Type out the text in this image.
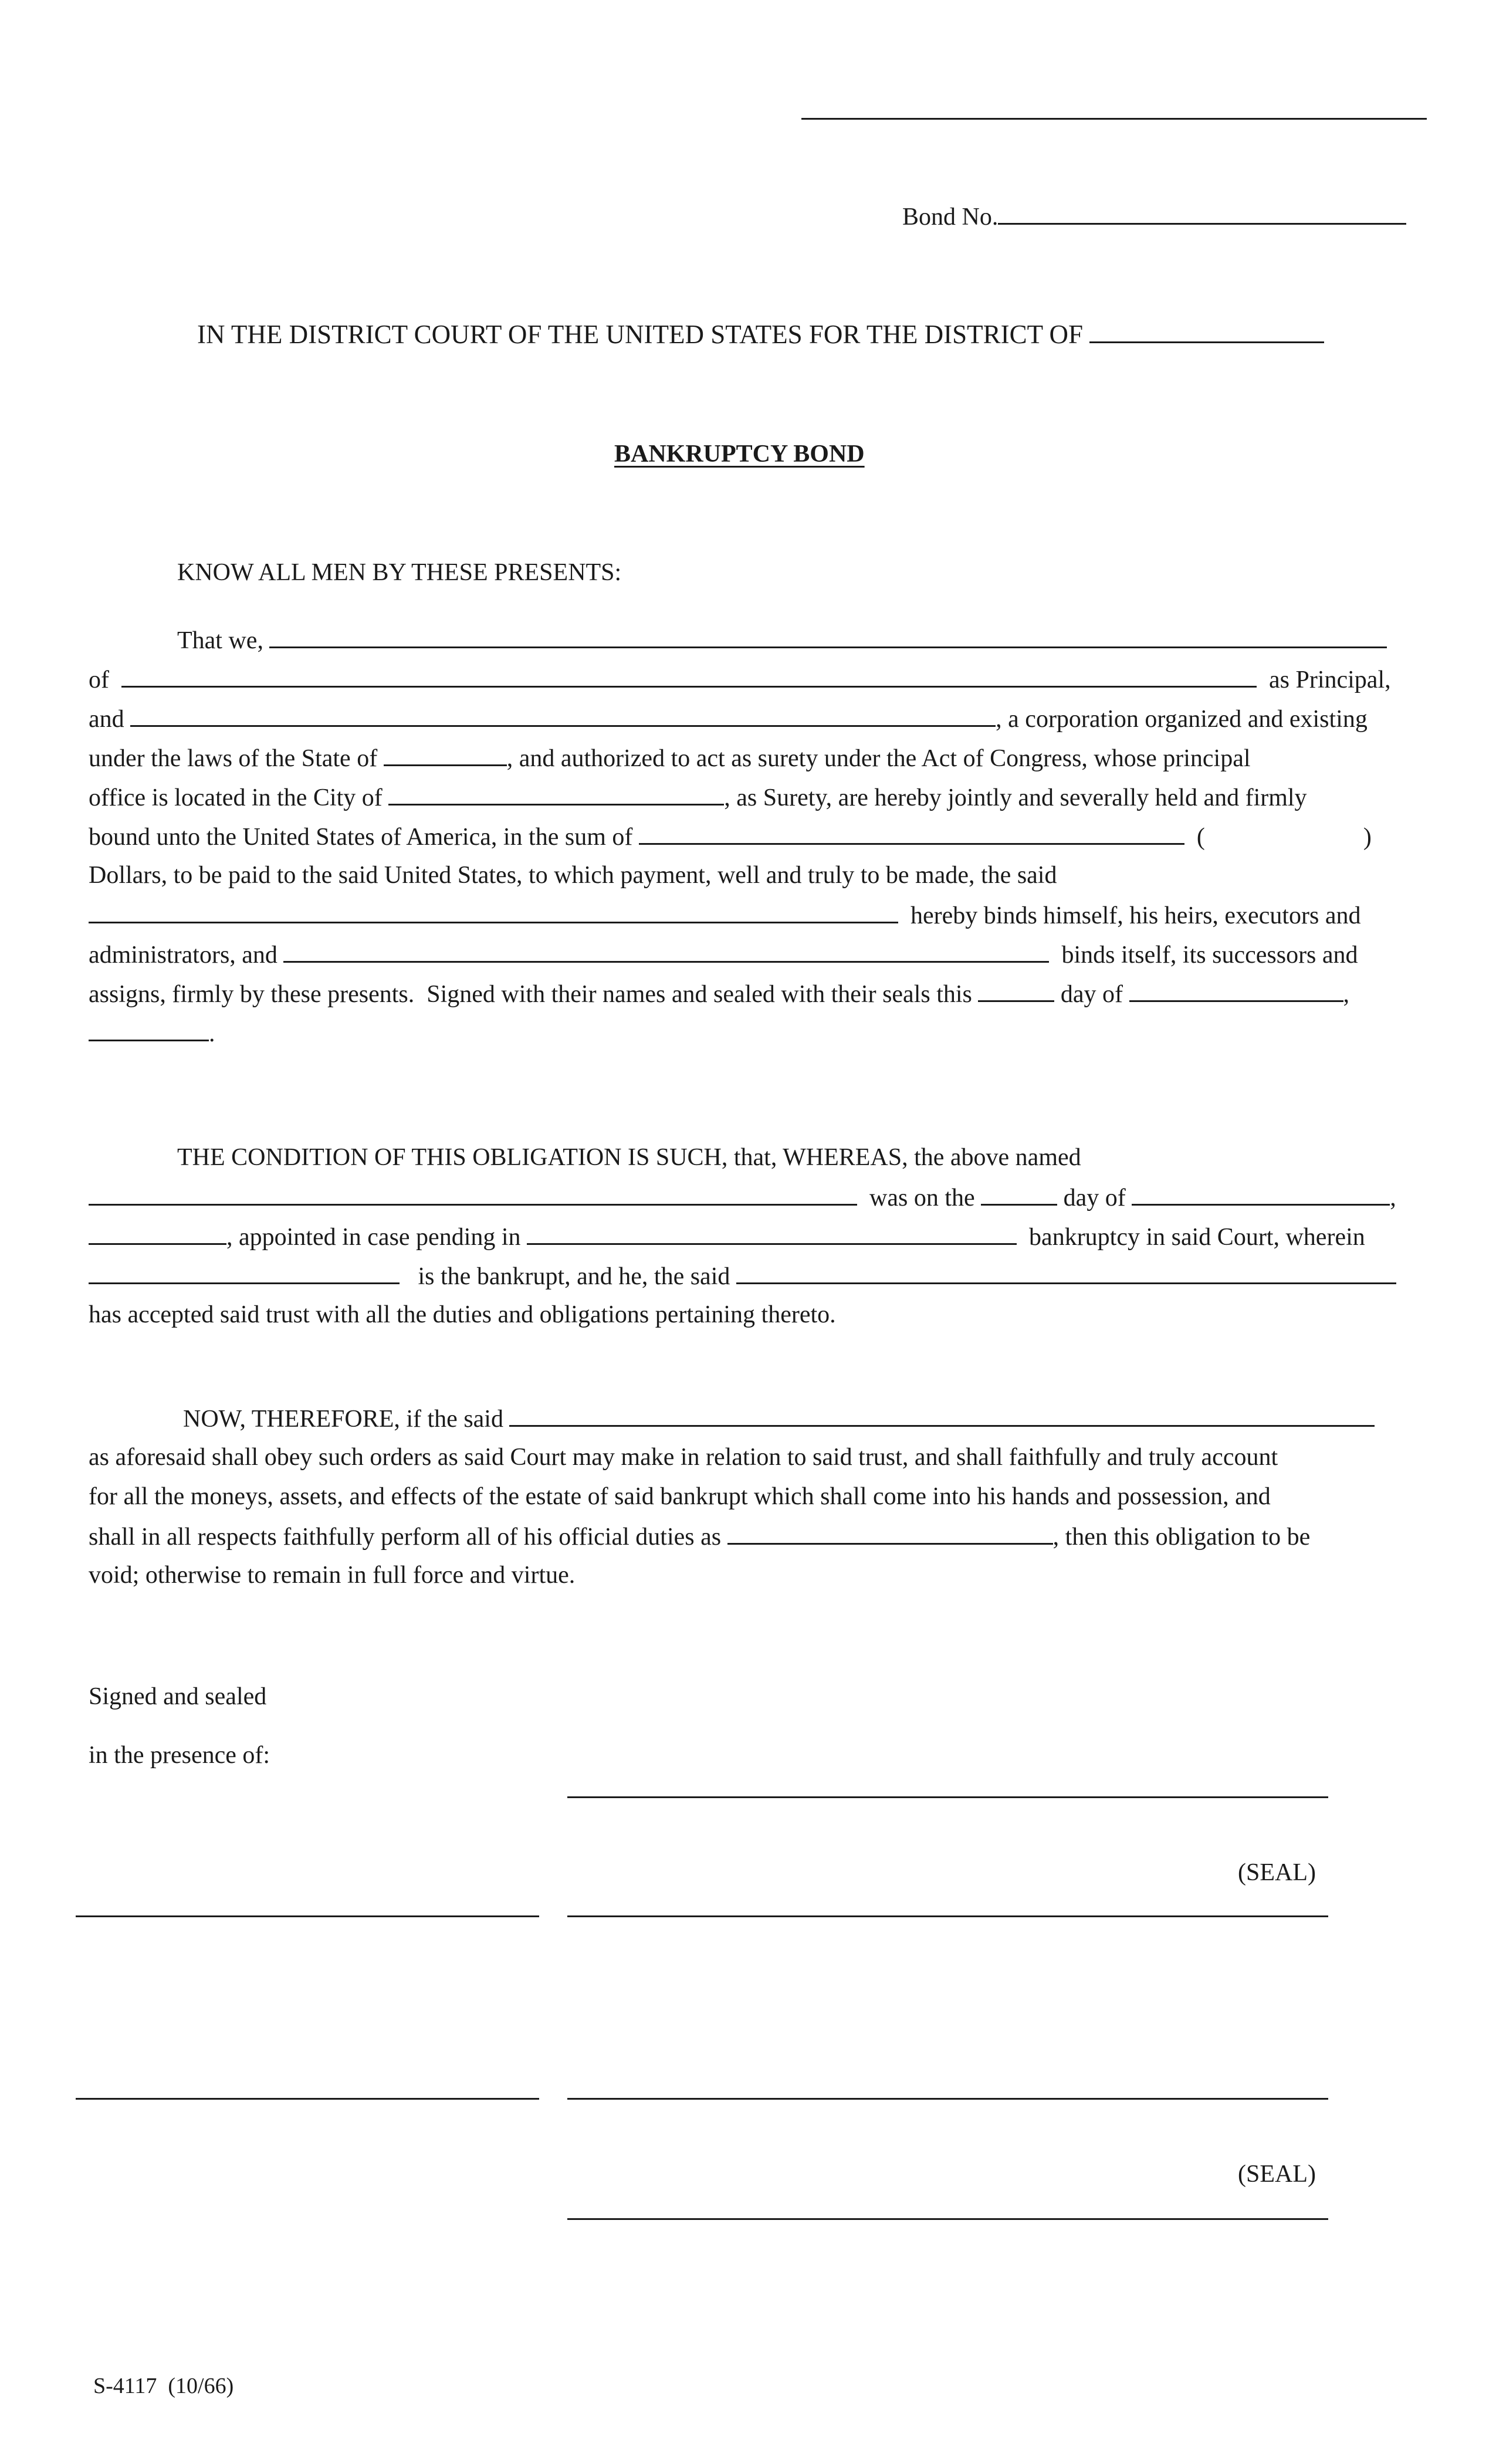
Bond No.
IN THE DISTRICT COURT OF THE UNITED STATES FOR THE DISTRICT OF
BANKRUPTCY BOND
KNOW ALL MEN BY THESE PRESENTS:
That we,
of	as Principal,
and	, a corporation organized and existing
under the laws of the State of	, and authorized to act as surety under the Act of Congress, whose principal
office is located in the City of	, as Surety, are hereby jointly and severally held and firmly
bound unto the United States of America, in the sum of	(	)
Dollars, to be paid to the said United States, to which payment, well and truly to be made, the said
hereby binds himself, his heirs, executors and
administrators, and	binds itself, its successors and
assigns, firmly by these presents.  Signed with their names and sealed with their seals this	day of	,
.
THE CONDITION OF THIS OBLIGATION IS SUCH, that, WHEREAS, the above named
was on the	day of	,
, appointed in case pending in	bankruptcy in said Court, wherein
is the bankrupt, and he, the said
has accepted said trust with all the duties and obligations pertaining thereto.
NOW, THEREFORE, if the said
as aforesaid shall obey such orders as said Court may make in relation to said trust, and shall faithfully and truly account
for all the moneys, assets, and effects of the estate of said bankrupt which shall come into his hands and possession, and
shall in all respects faithfully perform all of his official duties as	, then this obligation to be
void; otherwise to remain in full force and virtue.
Signed and sealed
in the presence of:
(SEAL)
(SEAL)
S-4117  (10/66)
